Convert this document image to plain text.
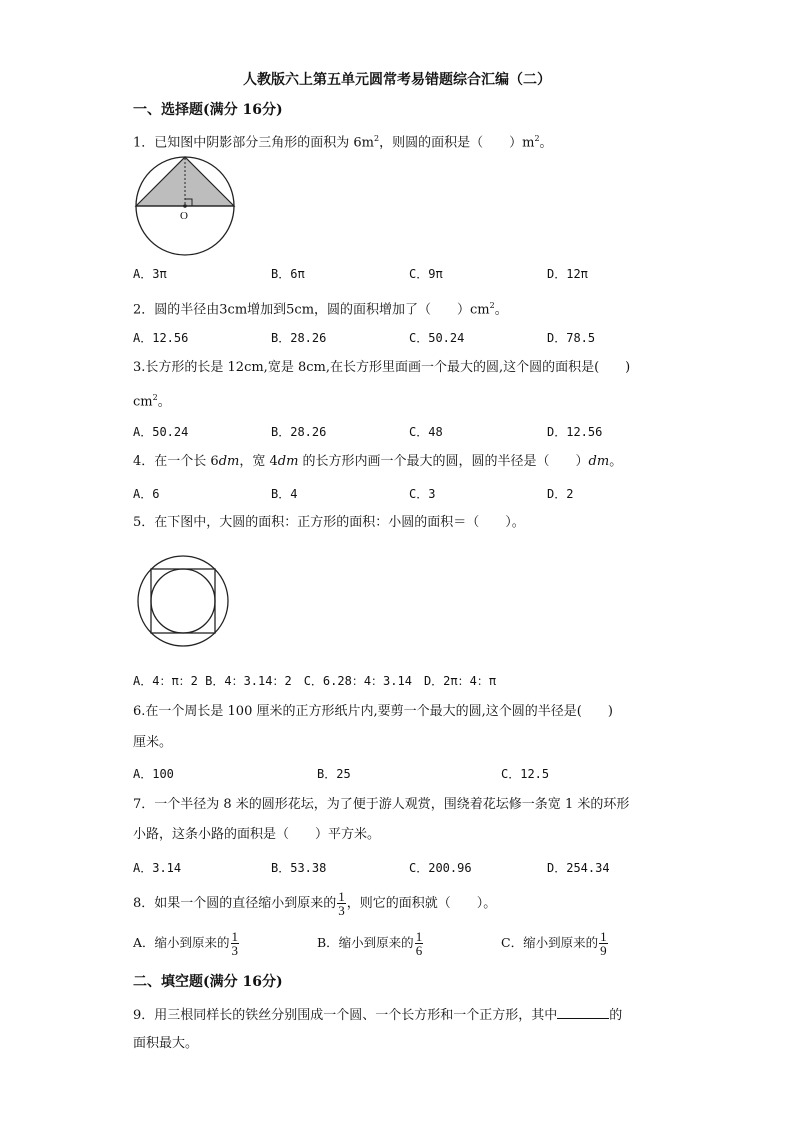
人教版六上第五单元圆常考易错题综合汇编（二）
一、选择题(满分 16分)
1．已知图中阴影部分三角形的面积为 $6m^2$，则圆的面积是（　　）$m^2$。
O
A．3π	B．6π	C．9π	D．12π
2．圆的半径由3cm增加到5cm，圆的面积增加了（　　）$cm^2$。
A．12.56	B．28.26	C．50.24	D．78.5
3.长方形的长是 12cm,宽是 8cm,在长方形里面画一个最大的圆,这个圆的面积是(　　)
$cm^2$。
A．50.24	B．28.26	C．48	D．12.56
4．在一个长 6dm，宽 4dm 的长方形内画一个最大的圆，圆的半径是（　　）dm。
A．6	B．4	C．3	D．2
5．在下图中，大圆的面积：正方形的面积：小圆的面积＝（　　）。
A．4：π：2 B．4：3.14：2　C．6.28：4：3.14　D．2π：4：π
6.在一个周长是 100 厘米的正方形纸片内,要剪一个最大的圆,这个圆的半径是(　　)
厘米。
A．100	B．25	C．12.5
7．一个半径为 8 米的圆形花坛，为了便于游人观赏，围绕着花坛修一条宽 1 米的环形
小路，这条小路的面积是（　　）平方米。
A．3.14	B．53.38	C．200.96	D．254.34
8．如果一个圆的直径缩小到原来的 $\frac{1}{3}$ ，则它的面积就（　　）。
A．缩小到原来的 $\frac{1}{3}$	B．缩小到原来的 $\frac{1}{6}$	C．缩小到原来的 $\frac{1}{9}$
二、填空题(满分 16分)
9．用三根同样长的铁丝分别围成一个圆、一个长方形和一个正方形，其中	的
面积最大。
